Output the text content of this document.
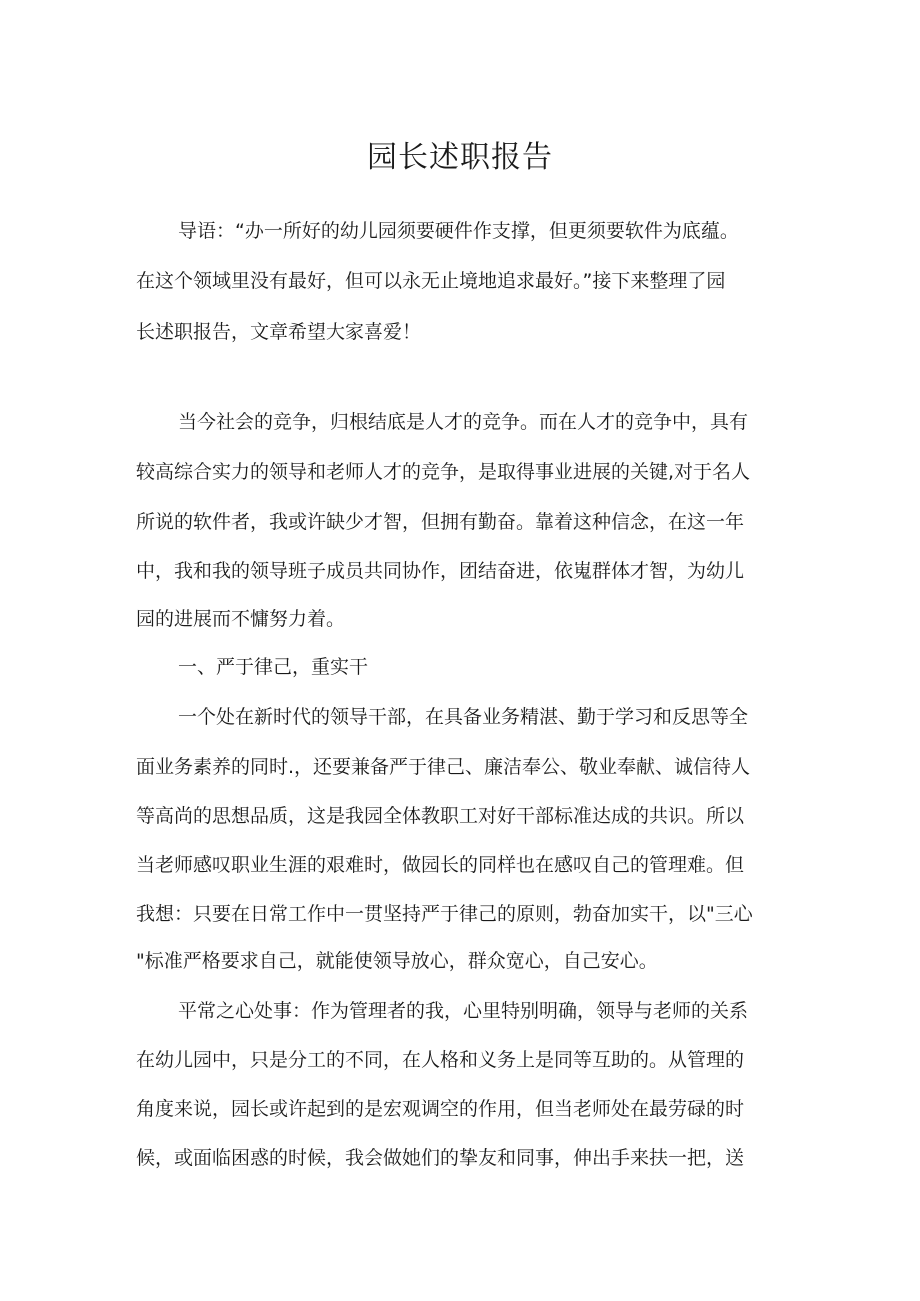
园长述职报告

导语：“办一所好的幼儿园须要硬件作支撑，但更须要软件为底蕴。

在这个领域里没有最好，但可以永无止境地追求最好。”接下来整理了园

长述职报告，文章希望大家喜爱！

当今社会的竞争，归根结底是人才的竞争。而在人才的竞争中，具有

较高综合实力的领导和老师人才的竞争，是取得事业进展的关键,对于名人

所说的软件者，我或许缺少才智，但拥有勤奋。靠着这种信念，在这一年

中，我和我的领导班子成员共同协作，团结奋进，依嵬群体才智，为幼儿

园的进展而不慵努力着。

一、严于律己，重实干

一个处在新时代的领导干部，在具备业务精湛、勤于学习和反思等全

面业务素养的同时.，还要兼备严于律己、廉洁奉公、敬业奉献、诚信待人

等高尚的思想品质，这是我园全体教职工对好干部标准达成的共识。所以

当老师感叹职业生涯的艰难时，做园长的同样也在感叹自己的管理难。但

我想：只要在日常工作中一贯坚持严于律己的原则，勃奋加实干，以"三心

"标准严格要求自己，就能使领导放心，群众宽心，自己安心。

平常之心处事：作为管理者的我，心里特别明确，领导与老师的关系

在幼儿园中，只是分工的不同，在人格和义务上是同等互助的。从管理的

角度来说，园长或许起到的是宏观调空的作用，但当老师处在最劳碌的时

候，或面临困惑的时候，我会做她们的挚友和同事，伸出手来扶一把，送
